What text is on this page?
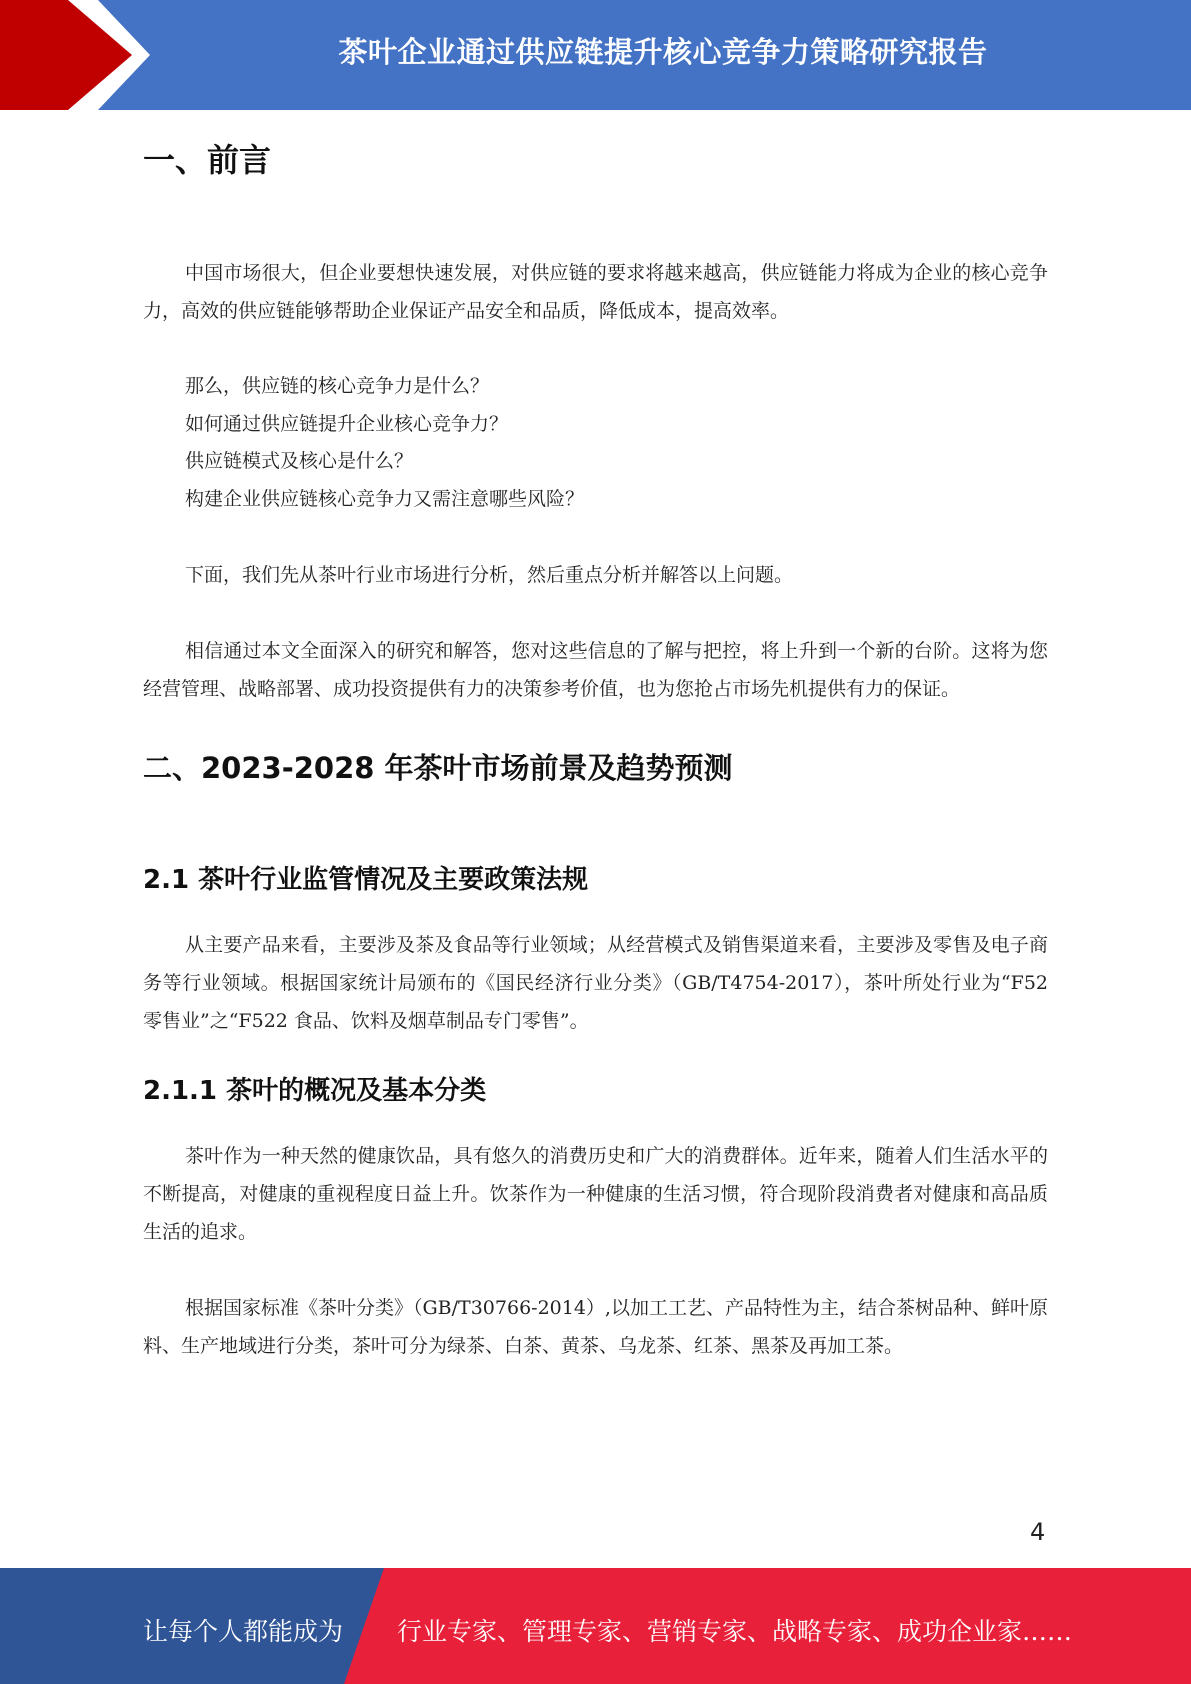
茶叶企业通过供应链提升核心竞争力策略研究报告
一、前言

中国市场很大，但企业要想快速发展，对供应链的要求将越来越高，供应链能力将成为企业的核心竞争力，高效的供应链能够帮助企业保证产品安全和品质，降低成本，提高效率。

那么，供应链的核心竞争力是什么？
如何通过供应链提升企业核心竞争力？
供应链模式及核心是什么？
构建企业供应链核心竞争力又需注意哪些风险？

下面，我们先从茶叶行业市场进行分析，然后重点分析并解答以上问题。

相信通过本文全面深入的研究和解答，您对这些信息的了解与把控，将上升到一个新的台阶。这将为您经营管理、战略部署、成功投资提供有力的决策参考价值，也为您抢占市场先机提供有力的保证。

二、2023-2028 年茶叶市场前景及趋势预测
2.1 茶叶行业监管情况及主要政策法规

从主要产品来看，主要涉及茶及食品等行业领域；从经营模式及销售渠道来看，主要涉及零售及电子商务等行业领域。根据国家统计局颁布的《国民经济行业分类》（GB/T4754-2017），茶叶所处行业为“F52 零售业”之“F522 食品、饮料及烟草制品专门零售”。

2.1.1 茶叶的概况及基本分类

茶叶作为一种天然的健康饮品，具有悠久的消费历史和广大的消费群体。近年来，随着人们生活水平的不断提高，对健康的重视程度日益上升。饮茶作为一种健康的生活习惯，符合现阶段消费者对健康和高品质生活的追求。

根据国家标准《茶叶分类》（GB/T30766-2014）,以加工工艺、产品特性为主，结合茶树品种、鲜叶原料、生产地域进行分类，茶叶可分为绿茶、白茶、黄茶、乌龙茶、红茶、黑茶及再加工茶。

4
让每个人都能成为 行业专家、管理专家、营销专家、战略专家、成功企业家……
